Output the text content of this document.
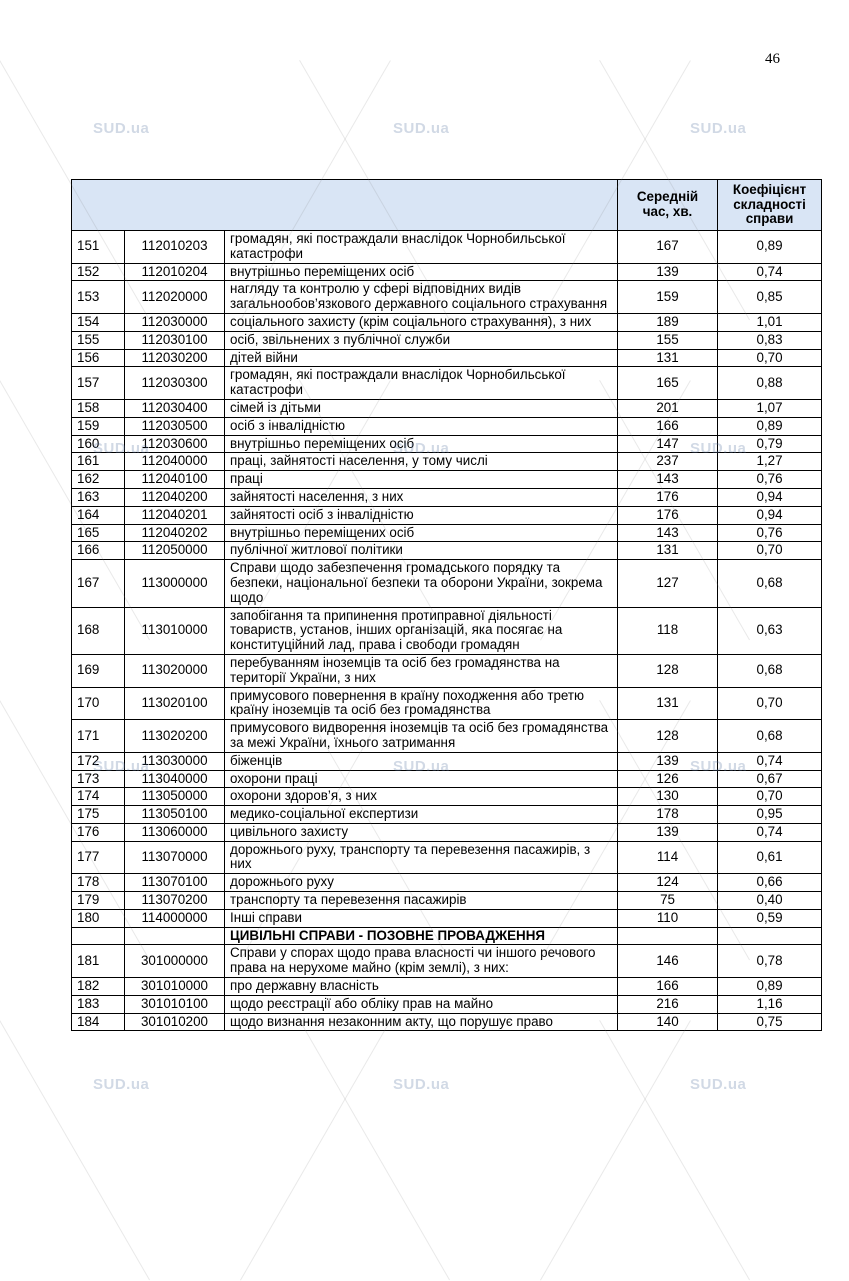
46
			Середній час, хв.	Коефіцієнт складності справи
151	112010203	громадян, які постраждали внаслідок Чорнобильської катастрофи	167	0,89
152	112010204	внутрішньо переміщених осіб	139	0,74
153	112020000	нагляду та контролю у сфері відповідних видів загальнообов’язкового державного соціального страхування	159	0,85
154	112030000	соціального захисту (крім соціального страхування), з них	189	1,01
155	112030100	осіб, звільнених з публічної служби	155	0,83
156	112030200	дітей війни	131	0,70
157	112030300	громадян, які постраждали внаслідок Чорнобильської катастрофи	165	0,88
158	112030400	сімей із дітьми	201	1,07
159	112030500	осіб з інвалідністю	166	0,89
160	112030600	внутрішньо переміщених осіб	147	0,79
161	112040000	праці, зайнятості населення, у тому числі	237	1,27
162	112040100	праці	143	0,76
163	112040200	зайнятості населення, з них	176	0,94
164	112040201	зайнятості осіб з інвалідністю	176	0,94
165	112040202	внутрішньо переміщених осіб	143	0,76
166	112050000	публічної житлової політики	131	0,70
167	113000000	Справи щодо забезпечення громадського порядку та безпеки, національної безпеки та оборони України, зокрема щодо	127	0,68
168	113010000	запобігання та припинення протиправної діяльності товариств, установ, інших організацій, яка посягає на конституційний лад, права і свободи громадян	118	0,63
169	113020000	перебуванням іноземців та осіб без громадянства на території України, з них	128	0,68
170	113020100	примусового повернення в країну походження або третю країну іноземців та осіб без громадянства	131	0,70
171	113020200	примусового видворення іноземців та осіб без громадянства за межі України, їхнього затримання	128	0,68
172	113030000	біженців	139	0,74
173	113040000	охорони праці	126	0,67
174	113050000	охорони здоров’я, з них	130	0,70
175	113050100	медико-соціальної експертизи	178	0,95
176	113060000	цивільного захисту	139	0,74
177	113070000	дорожнього руху, транспорту та перевезення пасажирів, з них	114	0,61
178	113070100	дорожнього руху	124	0,66
179	113070200	транспорту та перевезення пасажирів	75	0,40
180	114000000	Інші справи	110	0,59
		ЦИВІЛЬНІ СПРАВИ - ПОЗОВНЕ ПРОВАДЖЕННЯ		
181	301000000	Справи у спорах щодо права власності чи іншого речового права на нерухоме майно (крім землі), з них:	146	0,78
182	301010000	про державну власність	166	0,89
183	301010100	щодо реєстрації або обліку прав на майно	216	1,16
184	301010200	щодо визнання незаконним акту, що порушує право	140	0,75
SUD.ua	SUD.ua	SUD.ua
SUD.ua	SUD.ua	SUD.ua
SUD.ua	SUD.ua	SUD.ua
SUD.ua	SUD.ua	SUD.ua
